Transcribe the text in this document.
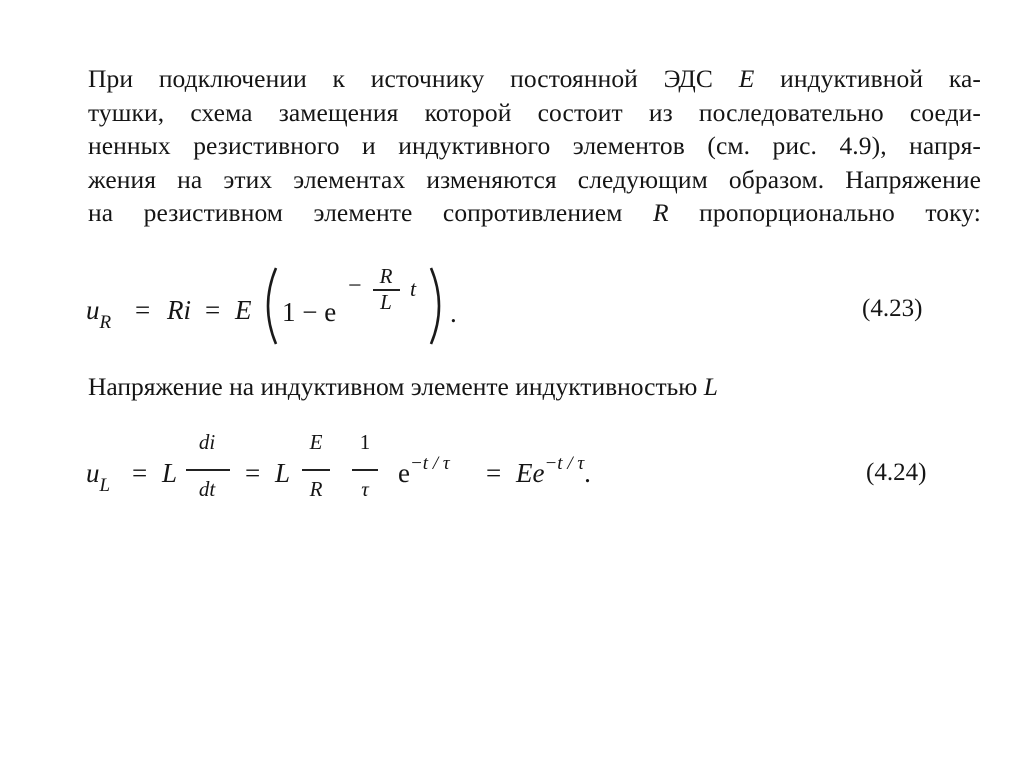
При подключении к источнику постоянной ЭДС E индуктивной ка-
тушки, схема замещения которой состоит из последовательно соеди-
ненных резистивного и индуктивного элементов (см. рис. 4.9), напря-
жения на этих элементах изменяются следующим образом. Напряжение
на резистивном элементе сопротивлением R пропорционально току:
$u_R = Ri = E$ 1 − e
− R
L
t
.	(4.23)
Напряжение на индуктивном элементе индуктивностью L
$u_L = L$
di
dt
= L
E
R
1
τ
$e^{-t / \tau} = Ee^{-t / \tau}$.	(4.24)
